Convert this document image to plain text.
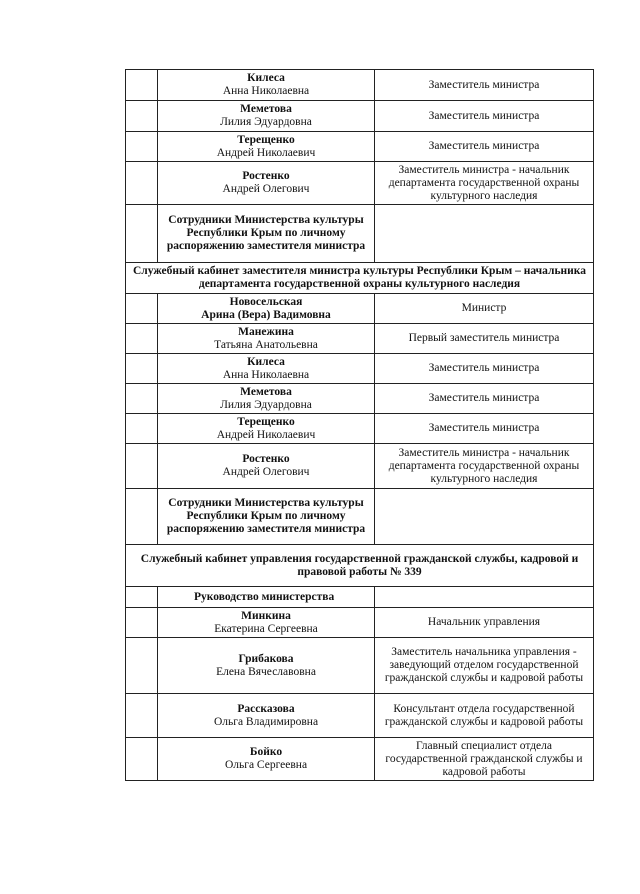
	Килеса
Анна Николаевна	Заместитель министра

	Меметова
Лилия Эдуардовна	Заместитель министра

	Терещенко
Андрей Николаевич	Заместитель министра

	Ростенко
Андрей Олегович	Заместитель министра - начальник департамента государственной охраны культурного наследия
	Сотрудники Министерства культуры Республики Крым по личному распоряжению заместителя министра	
Служебный кабинет заместителя министра культуры Республики Крым – начальника департамента государственной охраны культурного наследия		

	Новосельская
Арина (Вера) Вадимовна	Министр

	Манежина
Татьяна Анатольевна	Первый заместитель министра

	Килеса
Анна Николаевна	Заместитель министра

	Меметова
Лилия Эдуардовна	Заместитель министра

	Терещенко
Андрей Николаевич	Заместитель министра

	Ростенко
Андрей Олегович	Заместитель министра - начальник департамента государственной охраны культурного наследия
	Сотрудники Министерства культуры Республики Крым по личному распоряжению заместителя министра	
Служебный кабинет управления государственной гражданской службы, кадровой и правовой работы № 339		
	Руководство министерства	

	Минкина
Екатерина Сергеевна	Начальник управления

	Грибакова
Елена Вячеславовна	Заместитель начальника управления - заведующий отделом государственной гражданской службы и кадровой работы

	Рассказова
Ольга Владимировна	Консультант отдела государственной гражданской службы и кадровой работы

	Бойко
Ольга Сергеевна	Главный специалист отдела государственной гражданской службы и кадровой работы
